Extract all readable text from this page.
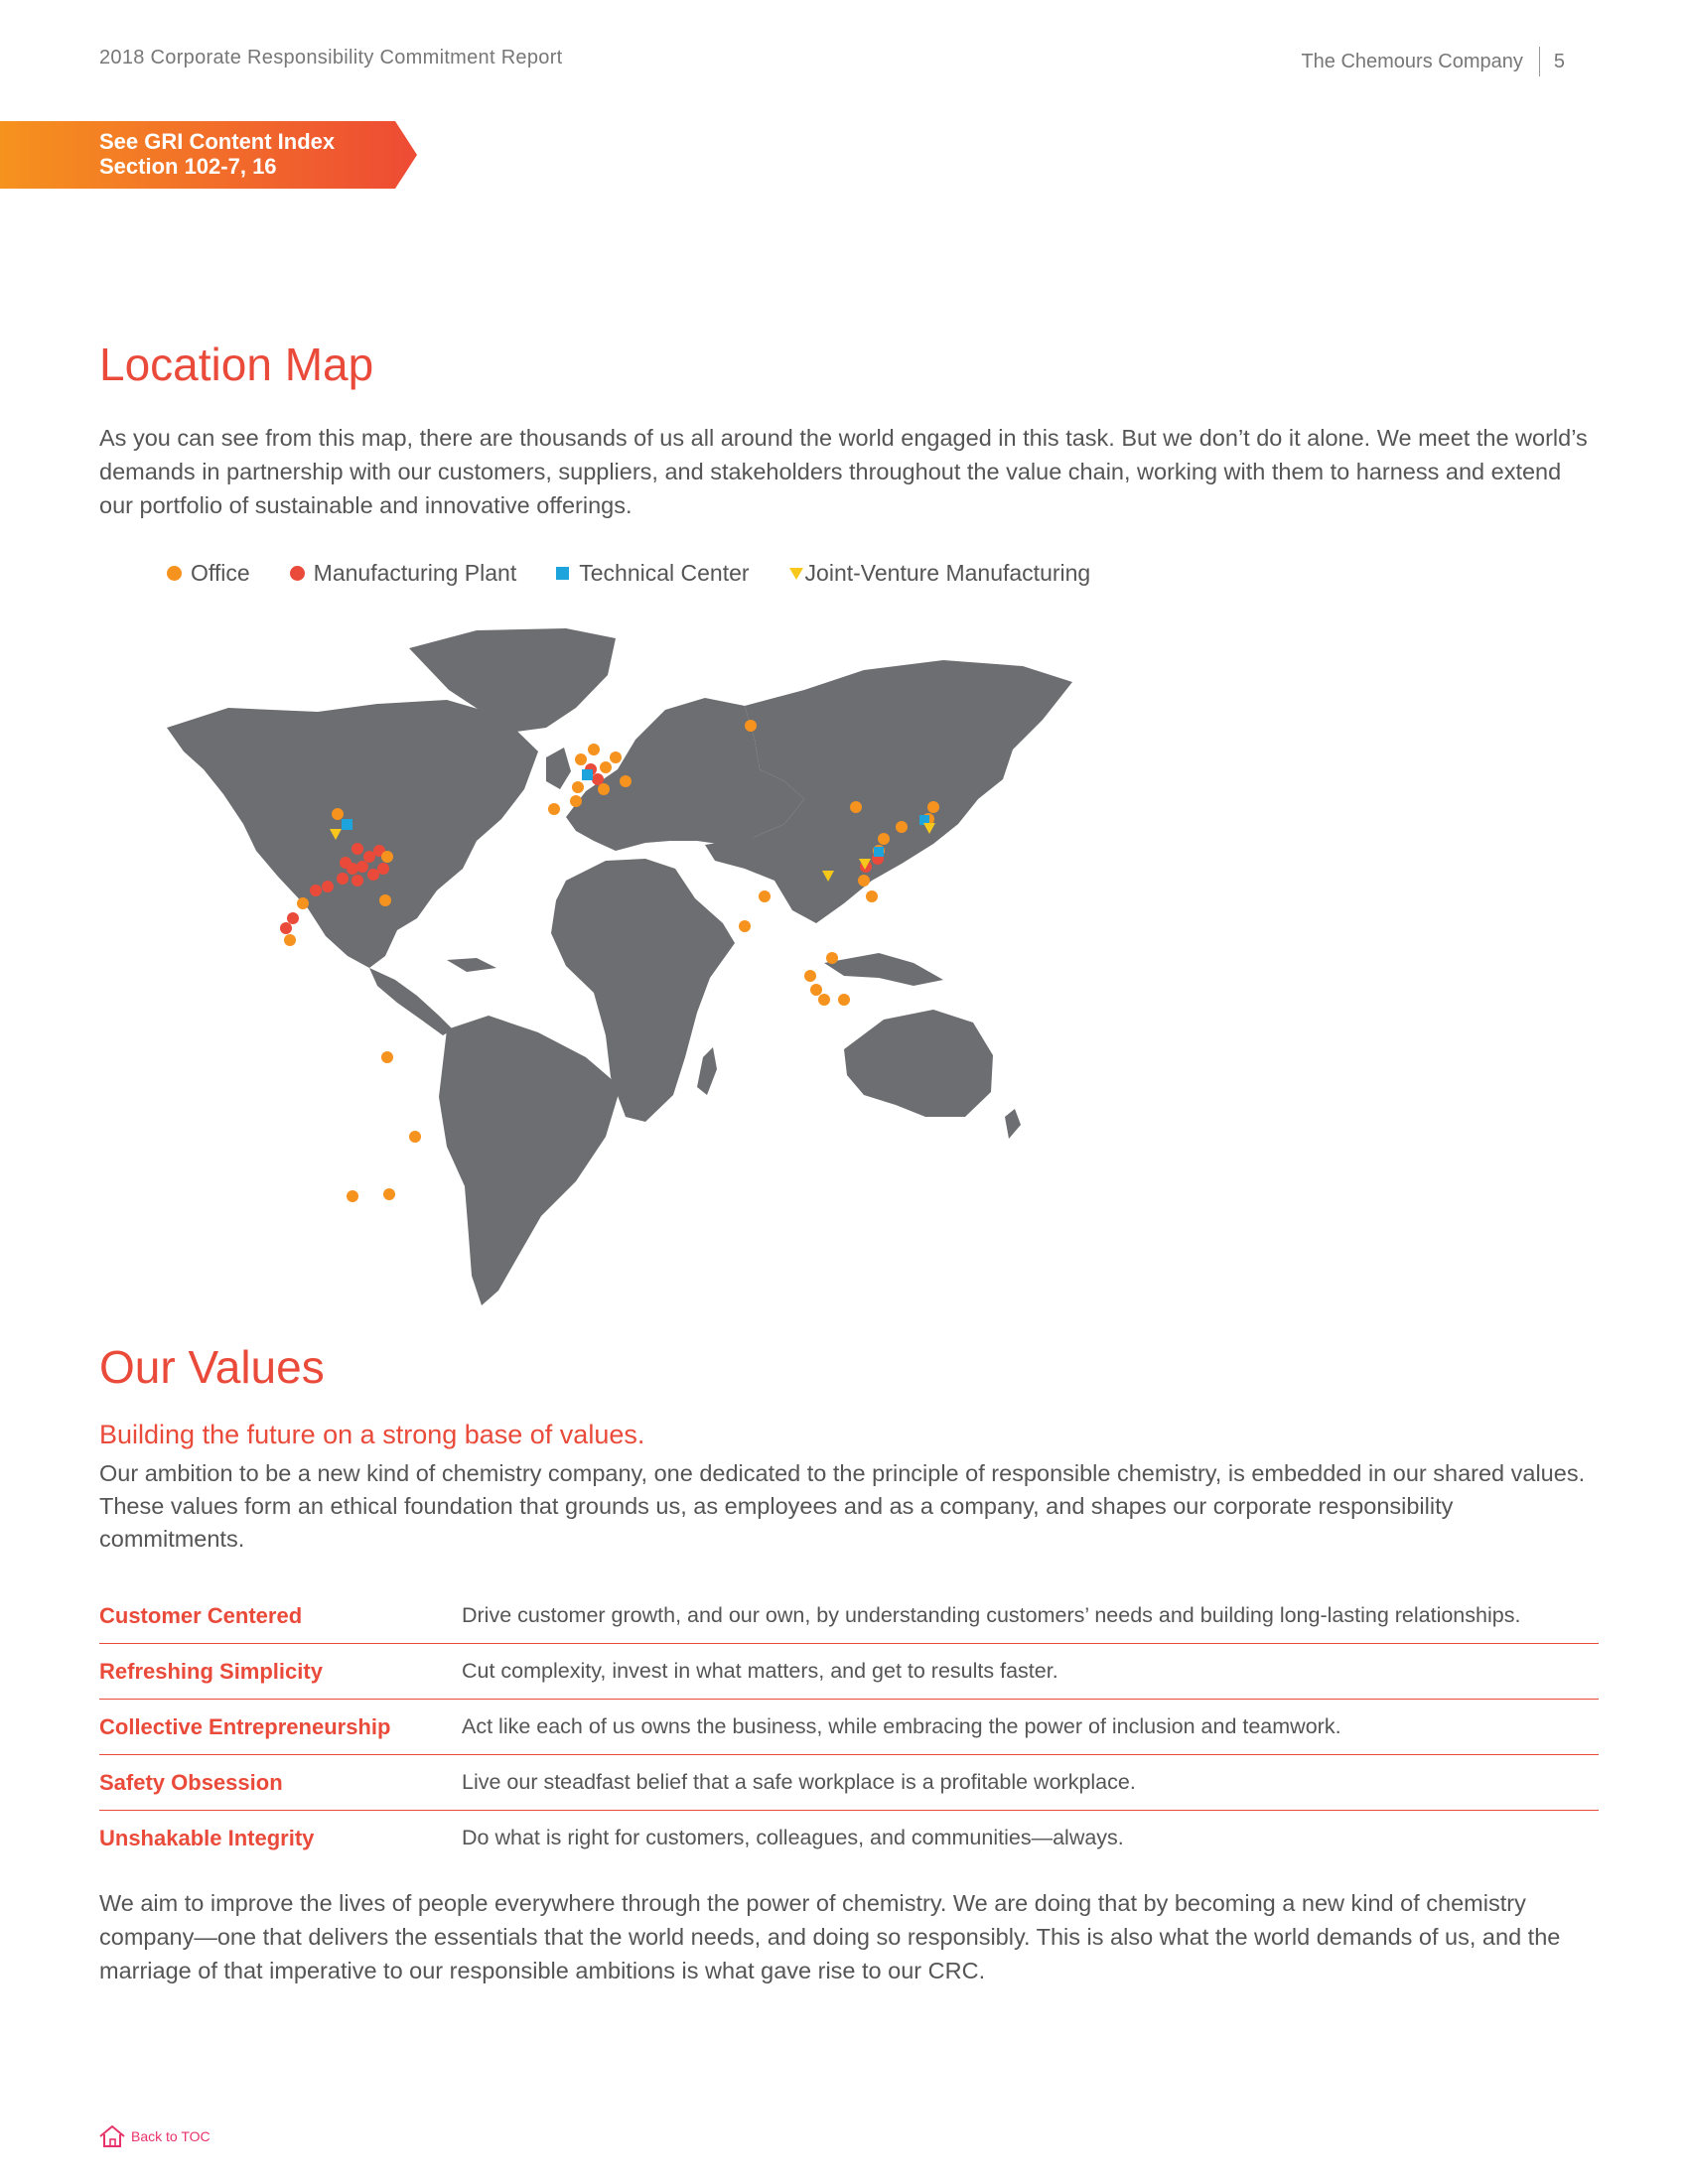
2018 Corporate Responsibility Commitment Report	The Chemours Company 5
See GRI Content Index
Section 102-7, 16
Location Map

As you can see from this map, there are thousands of us all around the world engaged in this task. But we don’t do it alone. We meet the world’s demands in partnership with our customers, suppliers, and stakeholders throughout the value chain, working with them to harness and extend our portfolio of sustainable and innovative offerings.

Office	Manufacturing Plant	Technical Center Joint-Venture Manufacturing
Our Values
Building the future on a strong base of values.

Our ambition to be a new kind of chemistry company, one dedicated to the principle of responsible chemistry, is embedded in our shared values. These values form an ethical foundation that grounds us, as employees and as a company, and shapes our corporate responsibility commitments.

Customer Centered	Drive customer growth, and our own, by understanding customers’ needs and building long-lasting relationships.
Refreshing Simplicity	Cut complexity, invest in what matters, and get to results faster.
Collective Entrepreneurship	Act like each of us owns the business, while embracing the power of inclusion and teamwork.
Safety Obsession	Live our steadfast belief that a safe workplace is a profitable workplace.
Unshakable Integrity	Do what is right for customers, colleagues, and communities—always.

We aim to improve the lives of people everywhere through the power of chemistry. We are doing that by becoming a new kind of chemistry company—one that delivers the essentials that the world needs, and doing so responsibly. This is also what the world demands of us, and the marriage of that imperative to our responsible ambitions is what gave rise to our CRC.

Back to TOC
